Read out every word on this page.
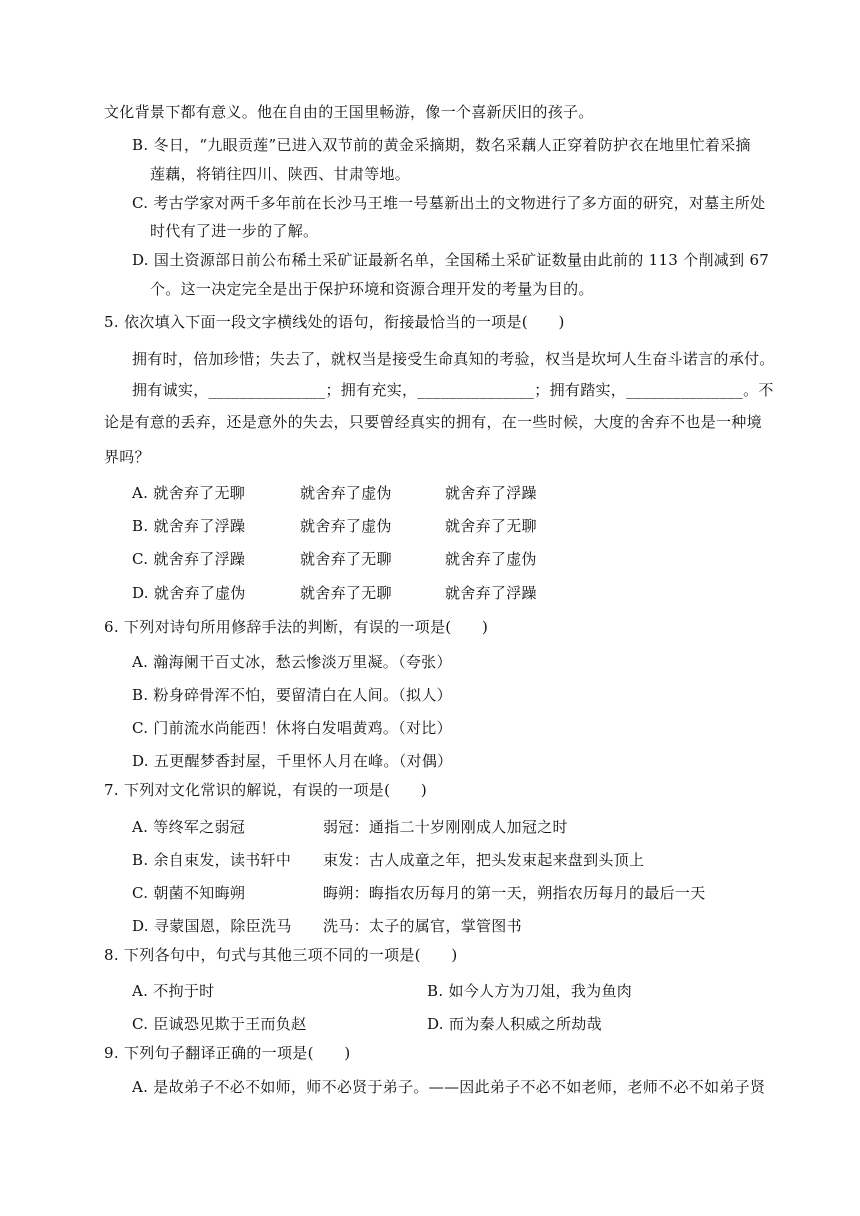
文化背景下都有意义。他在自由的王国里畅游，像一个喜新厌旧的孩子。
B. 冬日，“九眼贡莲”已进入双节前的黄金采摘期，数名采藕人正穿着防护衣在地里忙着采摘
莲藕，将销往四川、陕西、甘肃等地。
C. 考古学家对两千多年前在长沙马王堆一号墓新出土的文物进行了多方面的研究，对墓主所处
时代有了进一步的了解。
D. 国土资源部日前公布稀土采矿证最新名单，全国稀土采矿证数量由此前的 113 个削减到 67
个。这一决定完全是出于保护环境和资源合理开发的考量为目的。
5. 依次填入下面一段文字横线处的语句，衔接最恰当的一项是(　　)
拥有时，倍加珍惜；失去了，就权当是接受生命真知的考验，权当是坎坷人生奋斗诺言的承付。
拥有诚实，_______________；拥有充实，_______________；拥有踏实，_______________。不
论是有意的丢弃，还是意外的失去，只要曾经真实的拥有，在一些时候，大度的舍弃不也是一种境
界吗？
A. 就舍弃了无聊	就舍弃了虚伪	就舍弃了浮躁
B. 就舍弃了浮躁	就舍弃了虚伪	就舍弃了无聊
C. 就舍弃了浮躁	就舍弃了无聊	就舍弃了虚伪
D. 就舍弃了虚伪	就舍弃了无聊	就舍弃了浮躁
6. 下列对诗句所用修辞手法的判断，有误的一项是(　　)
A. 瀚海阑干百丈冰，愁云惨淡万里凝。（夸张）
B. 粉身碎骨浑不怕，要留清白在人间。（拟人）
C. 门前流水尚能西！休将白发唱黄鸡。（对比）
D. 五更醒梦香封屋，千里怀人月在峰。（对偶）
7. 下列对文化常识的解说，有误的一项是(　　)
A. 等终军之弱冠	弱冠：通指二十岁刚刚成人加冠之时
B. 余自束发，读书轩中 束发：古人成童之年，把头发束起来盘到头顶上
C. 朝菌不知晦朔	晦朔：晦指农历每月的第一天，朔指农历每月的最后一天
D. 寻蒙国恩，除臣洗马 洗马：太子的属官，掌管图书
8. 下列各句中，句式与其他三项不同的一项是(　　)
A. 不拘于时	B. 如今人方为刀俎，我为鱼肉
C. 臣诚恐见欺于王而负赵	D. 而为秦人积威之所劫哉
9. 下列句子翻译正确的一项是(　　)
A. 是故弟子不必不如师，师不必贤于弟子。——因此弟子不必不如老师，老师不必不如弟子贤
